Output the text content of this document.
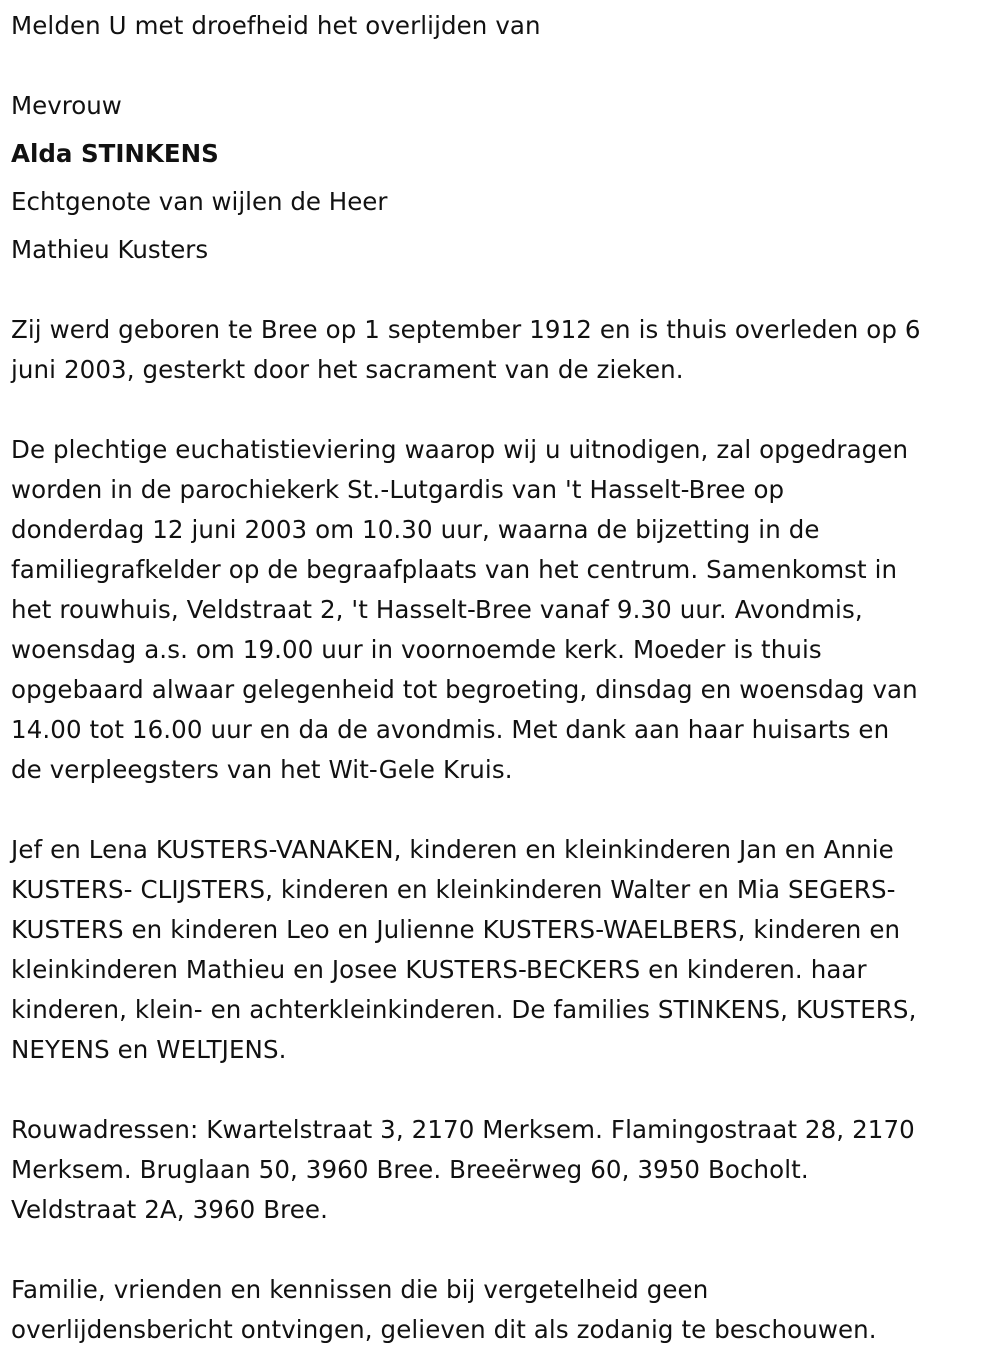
Melden U met droefheid het overlijden van
Mevrouw
Alda STINKENS
Echtgenote van wijlen de Heer
Mathieu Kusters
Zij werd geboren te Bree op 1 september 1912 en is thuis overleden op 6
juni 2003, gesterkt door het sacrament van de zieken.
De plechtige euchatistieviering waarop wij u uitnodigen, zal opgedragen
worden in de parochiekerk St.-Lutgardis van 't Hasselt-Bree op
donderdag 12 juni 2003 om 10.30 uur, waarna de bijzetting in de
familiegrafkelder op de begraafplaats van het centrum. Samenkomst in
het rouwhuis, Veldstraat 2, 't Hasselt-Bree vanaf 9.30 uur. Avondmis,
woensdag a.s. om 19.00 uur in voornoemde kerk. Moeder is thuis
opgebaard alwaar gelegenheid tot begroeting, dinsdag en woensdag van
14.00 tot 16.00 uur en da de avondmis. Met dank aan haar huisarts en
de verpleegsters van het Wit-Gele Kruis.
Jef en Lena KUSTERS-VANAKEN, kinderen en kleinkinderen Jan en Annie
KUSTERS- CLIJSTERS, kinderen en kleinkinderen Walter en Mia SEGERS-
KUSTERS en kinderen Leo en Julienne KUSTERS-WAELBERS, kinderen en
kleinkinderen Mathieu en Josee KUSTERS-BECKERS en kinderen. haar
kinderen, klein- en achterkleinkinderen. De families STINKENS, KUSTERS,
NEYENS en WELTJENS.
Rouwadressen: Kwartelstraat 3, 2170 Merksem. Flamingostraat 28, 2170
Merksem. Bruglaan 50, 3960 Bree. Breeërweg 60, 3950 Bocholt.
Veldstraat 2A, 3960 Bree.
Familie, vrienden en kennissen die bij vergetelheid geen
overlijdensbericht ontvingen, gelieven dit als zodanig te beschouwen.
